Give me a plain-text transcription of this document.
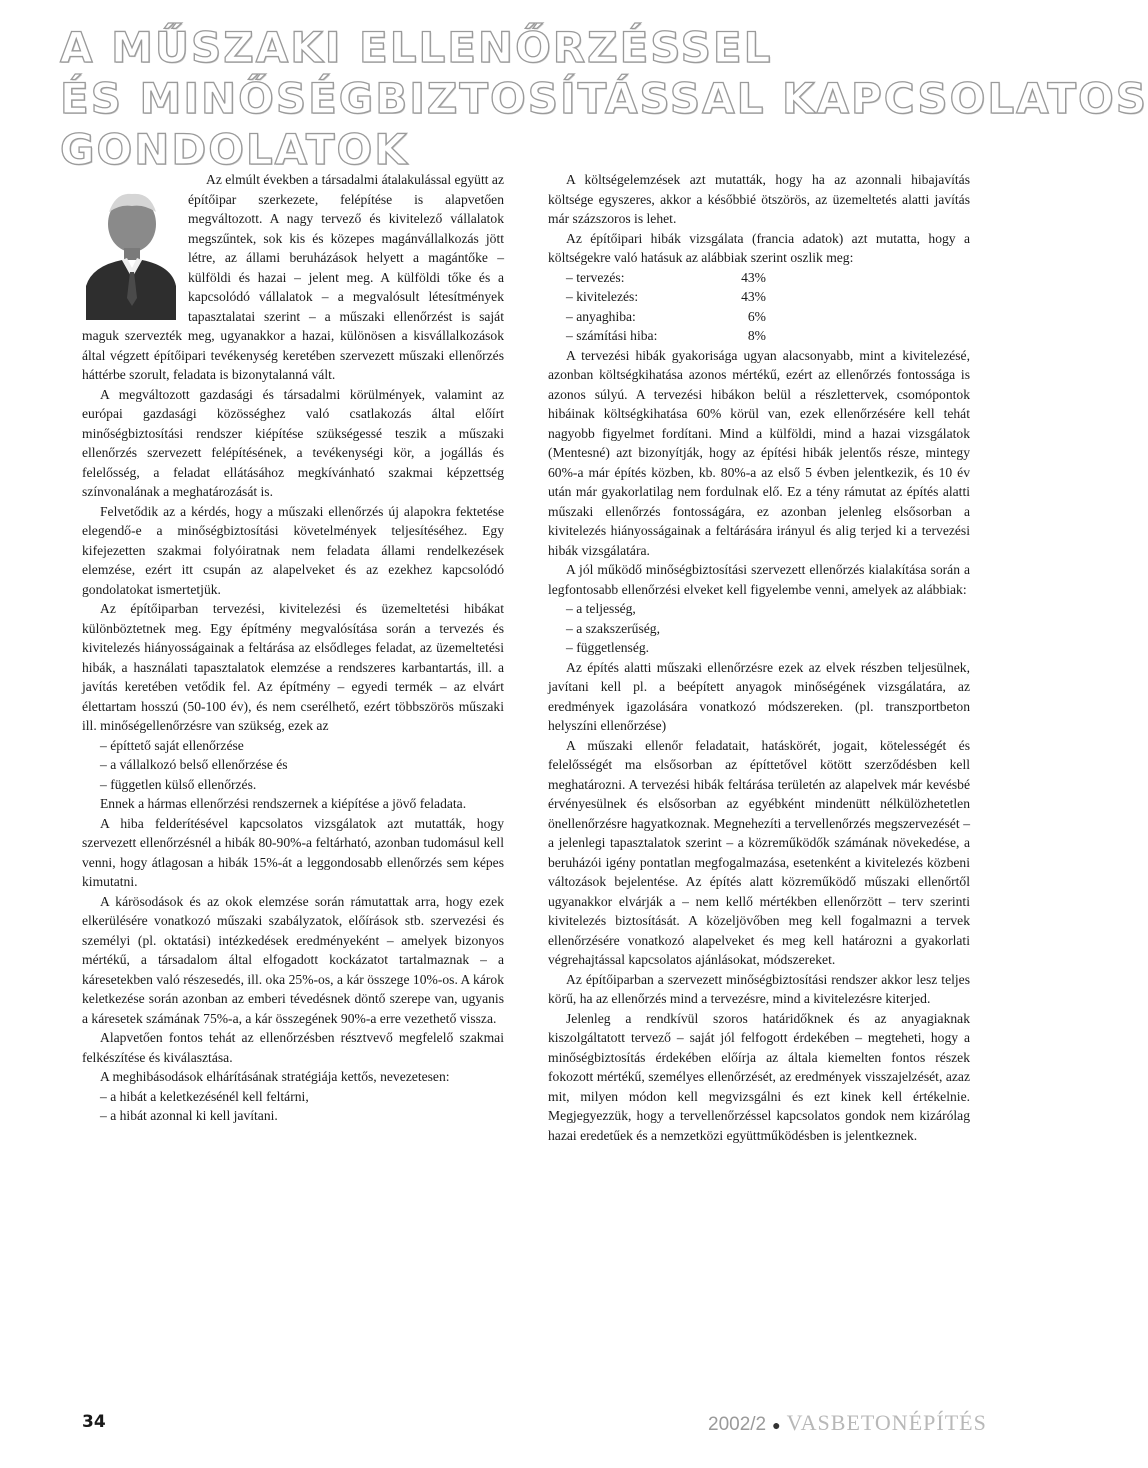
A MŰSZAKI ELLENŐRZÉSSEL
ÉS MINŐSÉGBIZTOSÍTÁSSAL KAPCSOLATOS
GONDOLATOK

Az elmúlt években a társadalmi átalakulással együtt az építőipar szerkezete, felépítése is alapvetően megváltozott. A nagy tervező és kivitelező vállalatok megszűntek, sok kis és közepes magánvállalkozás jött létre, az állami beruházások helyett a magántőke – külföldi és hazai – jelent meg. A külföldi tőke és a kapcsolódó vállalatok – a megvalósult létesítmények tapasztalatai szerint – a műszaki ellenőrzést is saját maguk szervezték meg, ugyanakkor a hazai, különösen a kisvállalkozások által végzett építőipari tevékenység keretében szervezett műszaki ellenőrzés háttérbe szorult, feladata is bizonytalanná vált.

A megváltozott gazdasági és társadalmi körülmények, valamint az európai gazdasági közösséghez való csatlakozás által előírt minőségbiztosítási rendszer kiépítése szükségessé teszik a műszaki ellenőrzés szervezett felépítésének, a tevékenységi kör, a jogállás és felelősség, a feladat ellátásához megkívánható szakmai képzettség színvonalának a meghatározását is.

Felvetődik az a kérdés, hogy a műszaki ellenőrzés új alapokra fektetése elegendő-e a minőségbiztosítási követelmények teljesítéséhez. Egy kifejezetten szakmai folyóiratnak nem feladata állami rendelkezések elemzése, ezért itt csupán az alapelveket és az ezekhez kapcsolódó gondolatokat ismertetjük.

Az építőiparban tervezési, kivitelezési és üzemeltetési hibákat különböztetnek meg. Egy építmény megvalósítása során a tervezés és kivitelezés hiányosságainak a feltárása az elsődleges feladat, az üzemeltetési hibák, a használati tapasztalatok elemzése a rendszeres karbantartás, ill. a javítás keretében vetődik fel. Az építmény – egyedi termék – az elvárt élettartam hosszú (50-100 év), és nem cserélhető, ezért többszörös műszaki ill. minőségellenőrzésre van szükség, ezek az

– építtető saját ellenőrzése

– a vállalkozó belső ellenőrzése és

– független külső ellenőrzés.

Ennek a hármas ellenőrzési rendszernek a kiépítése a jövő feladata.

A hiba felderítésével kapcsolatos vizsgálatok azt mutatták, hogy szervezett ellenőrzésnél a hibák 80-90%-a feltárható, azonban tudomásul kell venni, hogy átlagosan a hibák 15%-át a leggondosabb ellenőrzés sem képes kimutatni.

A kárösodások és az okok elemzése során rámutattak arra, hogy ezek elkerülésére vonatkozó műszaki szabályzatok, előírások stb. szervezési és személyi (pl. oktatási) intézkedések eredményeként – amelyek bizonyos mértékű, a társadalom által elfogadott kockázatot tartalmaznak – a káresetekben való részesedés, ill. oka 25%-os, a kár összege 10%-os. A károk keletkezése során azonban az emberi tévedésnek döntő szerepe van, ugyanis a káresetek számának 75%-a, a kár összegének 90%-a erre vezethető vissza.

Alapvetően fontos tehát az ellenőrzésben résztvevő megfelelő szakmai felkészítése és kiválasztása.

A meghibásodások elhárításának stratégiája kettős, nevezetesen:

– a hibát a keletkezésénél kell feltárni,

– a hibát azonnal ki kell javítani.

A költségelemzések azt mutatták, hogy ha az azonnali hibajavítás költsége egyszeres, akkor a későbbié ötszörös, az üzemeltetés alatti javítás már százszoros is lehet.

Az építőipari hibák vizsgálata (francia adatok) azt mutatta, hogy a költségekre való hatásuk az alábbiak szerint oszlik meg:

– tervezés:	43%

– kivitelezés:	43%

– anyaghiba:	6%

– számítási hiba:	8%

A tervezési hibák gyakorisága ugyan alacsonyabb, mint a kivitelezésé, azonban költségkihatása azonos mértékű, ezért az ellenőrzés fontossága is azonos súlyú. A tervezési hibákon belül a részlettervek, csomópontok hibáinak költségkihatása 60% körül van, ezek ellenőrzésére kell tehát nagyobb figyelmet fordítani. Mind a külföldi, mind a hazai vizsgálatok (Mentesné) azt bizonyítják, hogy az építési hibák jelentős része, mintegy 60%-a már építés közben, kb. 80%-a az első 5 évben jelentkezik, és 10 év után már gyakorlatilag nem fordulnak elő. Ez a tény rámutat az építés alatti műszaki ellenőrzés fontosságára, ez azonban jelenleg elsősorban a kivitelezés hiányosságainak a feltárására irányul és alig terjed ki a tervezési hibák vizsgálatára.

A jól működő minőségbiztosítási szervezett ellenőrzés kialakítása során a legfontosabb ellenőrzési elveket kell figyelembe venni, amelyek az alábbiak:

– a teljesség,

– a szakszerűség,

– függetlenség.

Az építés alatti műszaki ellenőrzésre ezek az elvek részben teljesülnek, javítani kell pl. a beépített anyagok minőségének vizsgálatára, az eredmények igazolására vonatkozó módszereken. (pl. transzportbeton helyszíni ellenőrzése)

A műszaki ellenőr feladatait, hatáskörét, jogait, kötelességét és felelősségét ma elsősorban az építtetővel kötött szerződésben kell meghatározni. A tervezési hibák feltárása területén az alapelvek már kevésbé érvényesülnek és elsősorban az egyébként mindenütt nélkülözhetetlen önellenőrzésre hagyatkoznak. Megnehezíti a tervellenőrzés megszervezését – a jelenlegi tapasztalatok szerint – a közreműködők számának növekedése, a beruházói igény pontatlan megfogalmazása, esetenként a kivitelezés közbeni változások bejelentése. Az építés alatt közreműködő műszaki ellenőrtől ugyanakkor elvárják a – nem kellő mértékben ellenőrzött – terv szerinti kivitelezés biztosítását. A közeljövőben meg kell fogalmazni a tervek ellenőrzésére vonatkozó alapelveket és meg kell határozni a gyakorlati végrehajtással kapcsolatos ajánlásokat, módszereket.

Az építőiparban a szervezett minőségbiztosítási rendszer akkor lesz teljes körű, ha az ellenőrzés mind a tervezésre, mind a kivitelezésre kiterjed.

Jelenleg a rendkívül szoros határidőknek és az anyagiaknak kiszolgáltatott tervező – saját jól felfogott érdekében – megteheti, hogy a minőségbiztosítás érdekében előírja az általa kiemelten fontos részek fokozott mértékű, személyes ellenőrzését, az eredmények visszajelzését, azaz mit, milyen módon kell megvizsgálni és ezt kinek kell értékelnie. Megjegyezzük, hogy a tervellenőrzéssel kapcsolatos gondok nem kizárólag hazai eredetűek és a nemzetközi együttműködésben is jelentkeznek.

34	2002/2 ● VASBETONÉPÍTÉS
